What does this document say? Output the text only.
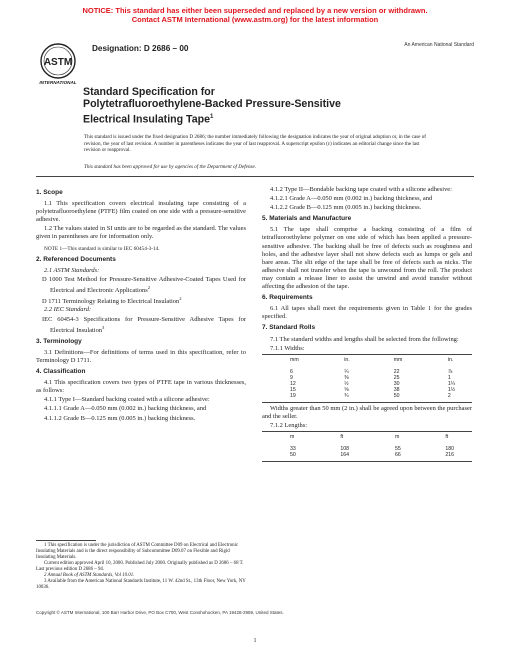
NOTICE: This standard has either been superseded and replaced by a new version or withdrawn.
Contact ASTM International (www.astm.org) for the latest information
ASTM
INTERNATIONAL
Designation: D 2686 – 00	An American National Standard
Standard Specification for
Polytetrafluoroethylene-Backed Pressure-Sensitive
Electrical Insulating Tape$^1$
This standard is issued under the fixed designation D 2686; the number immediately following the designation indicates the year of original adoption or, in the case of revision, the year of last revision. A number in parentheses indicates the year of last reapproval. A superscript epsilon (ε) indicates an editorial change since the last revision or reapproval.
This standard has been approved for use by agencies of the Department of Defense.
1. Scope

1.1 This specification covers electrical insulating tape consisting of a polytetrafluoroethylene (PTFE) film coated on one side with a pressure-sensitive adhesive.

1.2 The values stated in SI units are to be regarded as the standard. The values given in parentheses are for information only.

NOTE 1—This standard is similar to IEC 60454-3-14.

2. Referenced Documents

2.1 ASTM Standards:

D 1000 Test Method for Pressure-Sensitive Adhesive-Coated Tapes Used for Electrical and Electronic Applications$^2$

D 1711 Terminology Relating to Electrical Insulation$^2$

2.2 IEC Standard:

IEC 60454-3 Specifications for Pressure-Sensitive Adhesive Tapes for Electrical Insulation$^3$

3. Terminology

3.1 Definitions—For definitions of terms used in this specification, refer to Terminology D 1711.

4. Classification

4.1 This specification covers two types of PTFE tape in various thicknesses, as follows:

4.1.1 Type I—Standard backing coated with a silicone adhesive:

4.1.1.1 Grade A—0.050 mm (0.002 in.) backing thickness, and

4.1.1.2 Grade B—0.125 mm (0.005 in.) backing thickness.

1 This specification is under the jurisdiction of ASTM Committee D09 on Electrical and Electronic Insulating Materials and is the direct responsibility of Subcommittee D09.07 on Flexible and Rigid Insulating Materials.

Current edition approved April 10, 2000. Published July 2000. Originally published as D 2686 – 68 T. Last previous edition D 2686 – 94.

2 Annual Book of ASTM Standards, Vol 10.01.

3 Available from the American National Standards Institute, 11 W. 42nd St., 13th Floor, New York, NY 10036.

4.1.2 Type II—Bondable backing tape coated with a silicone adhesive:

4.1.2.1 Grade A—0.050 mm (0.002 in.) backing thickness, and

4.1.2.2 Grade B—0.125 mm (0.005 in.) backing thickness.

5. Materials and Manufacture

5.1 The tape shall comprise a backing consisting of a film of tetrafluoroethylene polymer on one side of which has been applied a pressure-sensitive adhesive. The backing shall be free of defects such as roughness and holes, and the adhesive layer shall not show defects such as lumps or gels and bare areas. The slit edge of the tape shall be free of defects such as nicks. The adhesive shall not transfer when the tape is unwound from the roll. The product may contain a release liner to assist the unwind and avoid transfer without affecting the adhesion of the tape.

6. Requirements

6.1 All tapes shall meet the requirements given in Table 1 for the grades specified.

7. Standard Rolls

7.1 The standard widths and lengths shall be selected from the following:

7.1.1 Widths:

mm	in.	mm	in.
6	¼	22	⅞
9	⅜	25	1
12	½	30	1¼
15	⅝	38	1½
19	¾	50	2

Widths greater than 50 mm (2 in.) shall be agreed upon between the purchaser and the seller.

7.1.2 Lengths:

m	ft	m	ft
33	108	55	180
50	164	66	216
Copyright © ASTM International, 100 Barr Harbor Drive, PO Box C700, West Conshohocken, PA 19428-2959, United States.
1
